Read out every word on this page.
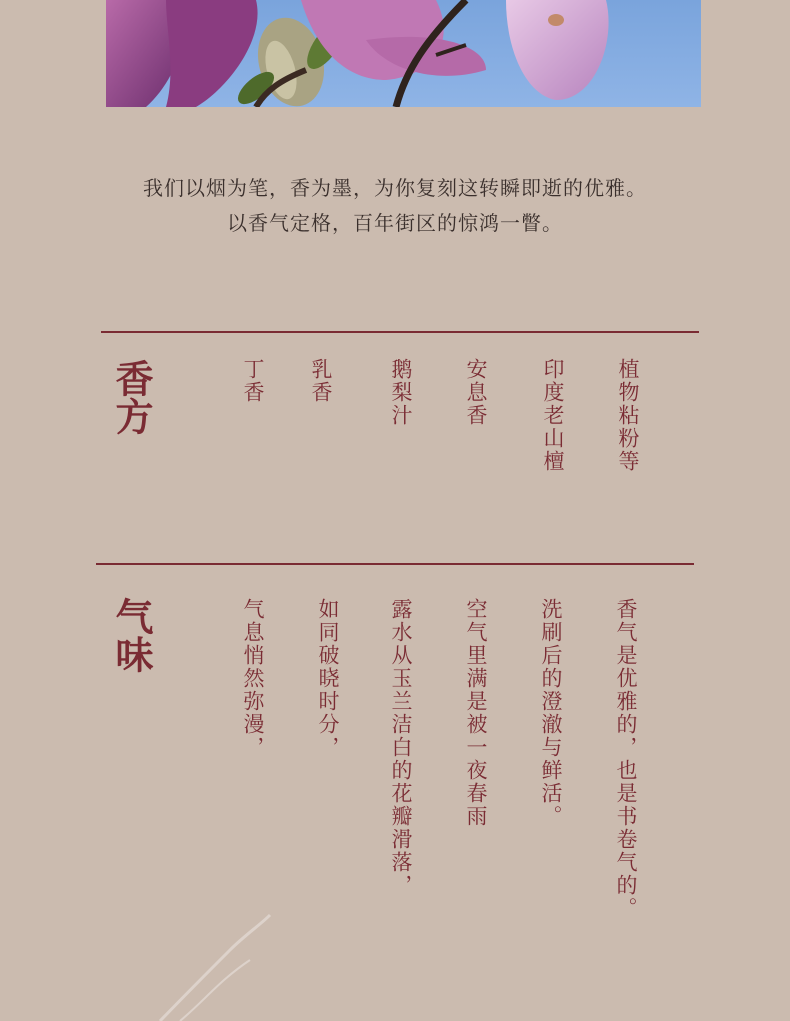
我们以烟为笔，香为墨，为你复刻这转瞬即逝的优雅。
以香气定格，百年街区的惊鸿一瞥。
香方	丁香 乳香	鹅梨汁 安息香	印度老山檀 植物粘粉等
气味	气息悄然弥漫， 如同破晓时分， 露水从玉兰洁白的花瓣滑落， 空气里满是被一夜春雨 洗刷后的澄澈与鲜活。 香气是优雅的，也是书卷气的。
